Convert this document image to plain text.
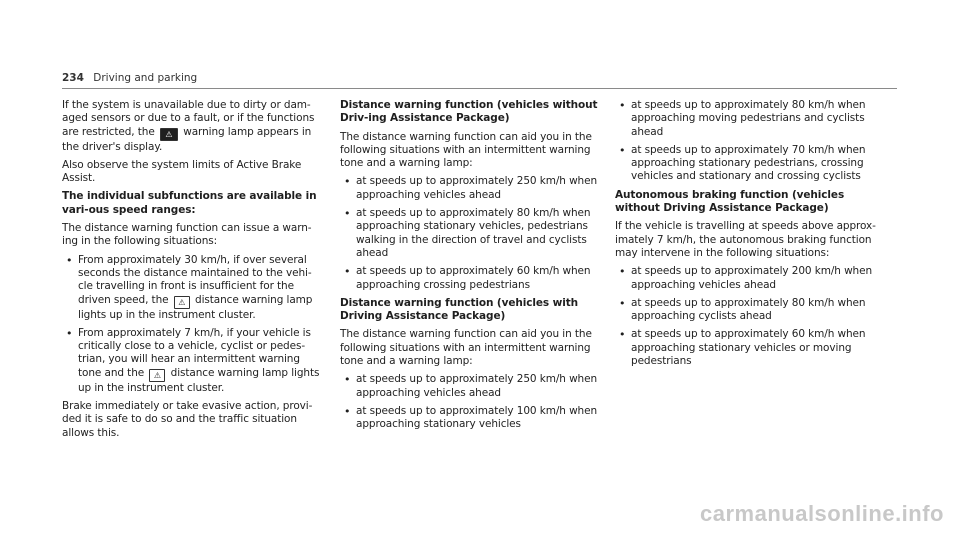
234 Driving and parking

If the system is unavailable due to dirty or dam-aged sensors or due to a fault, or if the functions are restricted, the ⚠ warning lamp appears in the driver's display.

Also observe the system limits of Active Brake Assist.

The individual subfunctions are available in vari-ous speed ranges:

The distance warning function can issue a warn-ing in the following situations:

• From approximately 30 km/h, if over several seconds the distance maintained to the vehi-cle travelling in front is insufficient for the driven speed, the ⚠ distance warning lamp lights up in the instrument cluster.
• From approximately 7 km/h, if your vehicle is critically close to a vehicle, cyclist or pedes-trian, you will hear an intermittent warning tone and the ⚠ distance warning lamp lights up in the instrument cluster.

Brake immediately or take evasive action, provi-ded it is safe to do so and the traffic situation allows this.

Distance warning function (vehicles without Driv-ing Assistance Package)

The distance warning function can aid you in the following situations with an intermittent warning tone and a warning lamp:

• at speeds up to approximately 250 km/h when approaching vehicles ahead
• at speeds up to approximately 80 km/h when approaching stationary vehicles, pedestrians walking in the direction of travel and cyclists ahead
• at speeds up to approximately 60 km/h when approaching crossing pedestrians
Distance warning function (vehicles with Driving Assistance Package)

The distance warning function can aid you in the following situations with an intermittent warning tone and a warning lamp:

• at speeds up to approximately 250 km/h when approaching vehicles ahead
• at speeds up to approximately 100 km/h when approaching stationary vehicles
• at speeds up to approximately 80 km/h when approaching moving pedestrians and cyclists ahead
• at speeds up to approximately 70 km/h when approaching stationary pedestrians, crossing vehicles and stationary and crossing cyclists
Autonomous braking function (vehicles without Driving Assistance Package)

If the vehicle is travelling at speeds above approx-imately 7 km/h, the autonomous braking function may intervene in the following situations:

• at speeds up to approximately 200 km/h when approaching vehicles ahead
• at speeds up to approximately 80 km/h when approaching cyclists ahead
• at speeds up to approximately 60 km/h when approaching stationary vehicles or moving pedestrians
carmanualsonline.info
